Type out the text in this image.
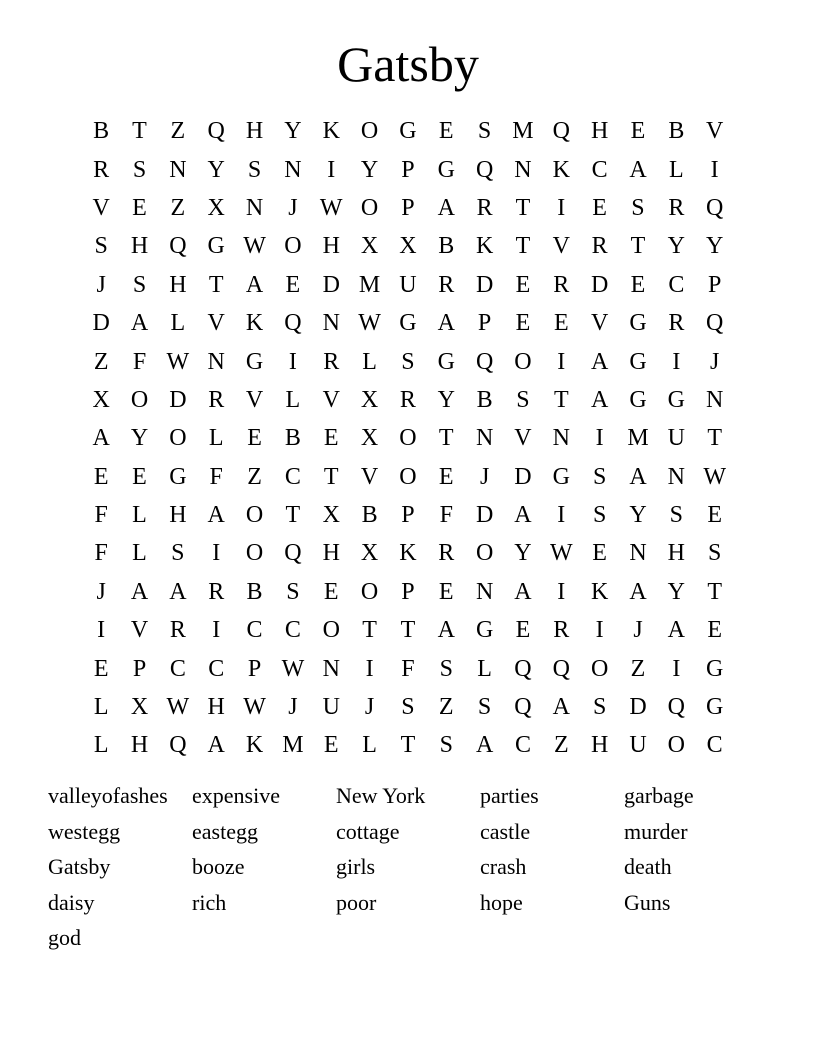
Gatsby
B T Z Q H Y K O G E	S M Q H E B V
R S N Y S N	I	Y P G Q N K C A L	I
V E Z X N	J W O P A R T	I	E	S R Q
S H Q G W O H X X B K T V R T Y Y
J	S H T A E D M U R D E R D E C P
D A L V K Q N W G A P	E E V G R Q
Z	F W N G	I	R L	S G Q O	I	A G	I	J
X O D R V L V X R Y B S	T A G G N
A Y O L E B E X O T N V N	I M U T
E E G F	Z C T V O E	J	D G S A N W
F	L H A O T X B P	F D A	I	S Y S	E
F	L	S	I	O Q H X K R O Y W E N H S
J	A A R B S	E O P	E N A	I	K A Y T
I	V R	I	C C O T T A G E R	I	J	A E
E	P C C P W N	I	F	S	L Q Q O Z	I	G
L X W H W J	U	J	S	Z	S Q A S D Q G
L H Q A K M E L T	S A C Z H U O C
valleyofashes	expensive	New York	parties	garbage
westegg	eastegg	cottage	castle	murder
Gatsby	booze	girls	crash	death
daisy	rich	poor	hope	Guns
god
